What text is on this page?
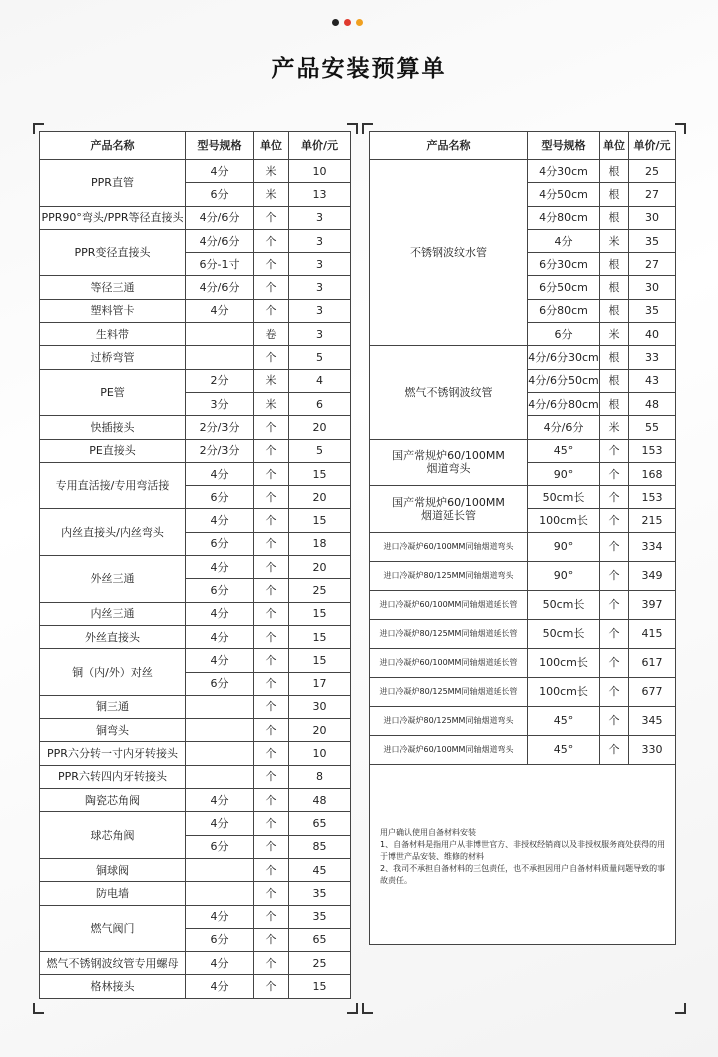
产品安装预算单
产品名称	型号规格	单位	单价/元
PPR直管	4分	米	10
	6分	米	13
PPR90°弯头/PPR等径直接头	4分/6分	个	3
PPR变径直接头	4分/6分	个	3
	6分-1寸	个	3
等径三通	4分/6分	个	3
塑料管卡	4分	个	3
生料带		卷	3
过桥弯管		个	5
PE管	2分	米	4
	3分	米	6
快插接头	2分/3分	个	20
PE直接头	2分/3分	个	5
专用直活接/专用弯活接	4分	个	15
	6分	个	20
内丝直接头/内丝弯头	4分	个	15
	6分	个	18
外丝三通	4分	个	20
	6分	个	25
内丝三通	4分	个	15
外丝直接头	4分	个	15
铜（内/外）对丝	4分	个	15
	6分	个	17
铜三通		个	30
铜弯头		个	20
PPR六分转一寸内牙转接头		个	10
PPR六转四内牙转接头		个	8
陶瓷芯角阀	4分	个	48
球芯角阀	4分	个	65
	6分	个	85
铜球阀		个	45
防电墙		个	35
燃气阀门	4分	个	35
	6分	个	65
燃气不锈钢波纹管专用螺母	4分	个	25
格林接头	4分	个	15
产品名称	型号规格	单位	单价/元
不锈钢波纹水管	4分30cm	根	25
	4分50cm	根	27
	4分80cm	根	30
	4分	米	35
	6分30cm	根	27
	6分50cm	根	30
	6分80cm	根	35
	6分	米	40
燃气不锈钢波纹管	4分/6分30cm	根	33
	4分/6分50cm	根	43
	4分/6分80cm	根	48
	4分/6分	米	55
国产常规炉60/100MM
烟道弯头	45°	个	153
	90°	个	168
国产常规炉60/100MM
烟道延长管	50cm长	个	153
	100cm长	个	215
进口冷凝炉60/100MM同轴烟道弯头	90°	个	334
进口冷凝炉80/125MM同轴烟道弯头	90°	个	349
进口冷凝炉60/100MM同轴烟道延长管	50cm长	个	397
进口冷凝炉80/125MM同轴烟道延长管	50cm长	个	415
进口冷凝炉60/100MM同轴烟道延长管	100cm长	个	617
进口冷凝炉80/125MM同轴烟道延长管	100cm长	个	677
进口冷凝炉80/125MM同轴烟道弯头	45°	个	345
进口冷凝炉60/100MM同轴烟道弯头	45°	个	330

用户确认使用自备材料安装
1、自备材料是指用户从非博世官方、非授权经销商以及非授权服务商处获得的用于博世产品安装、维修的材料
2、我司不承担自备材料的三包责任，也不承担因用户自备材料质量问题导致的事故责任。			
